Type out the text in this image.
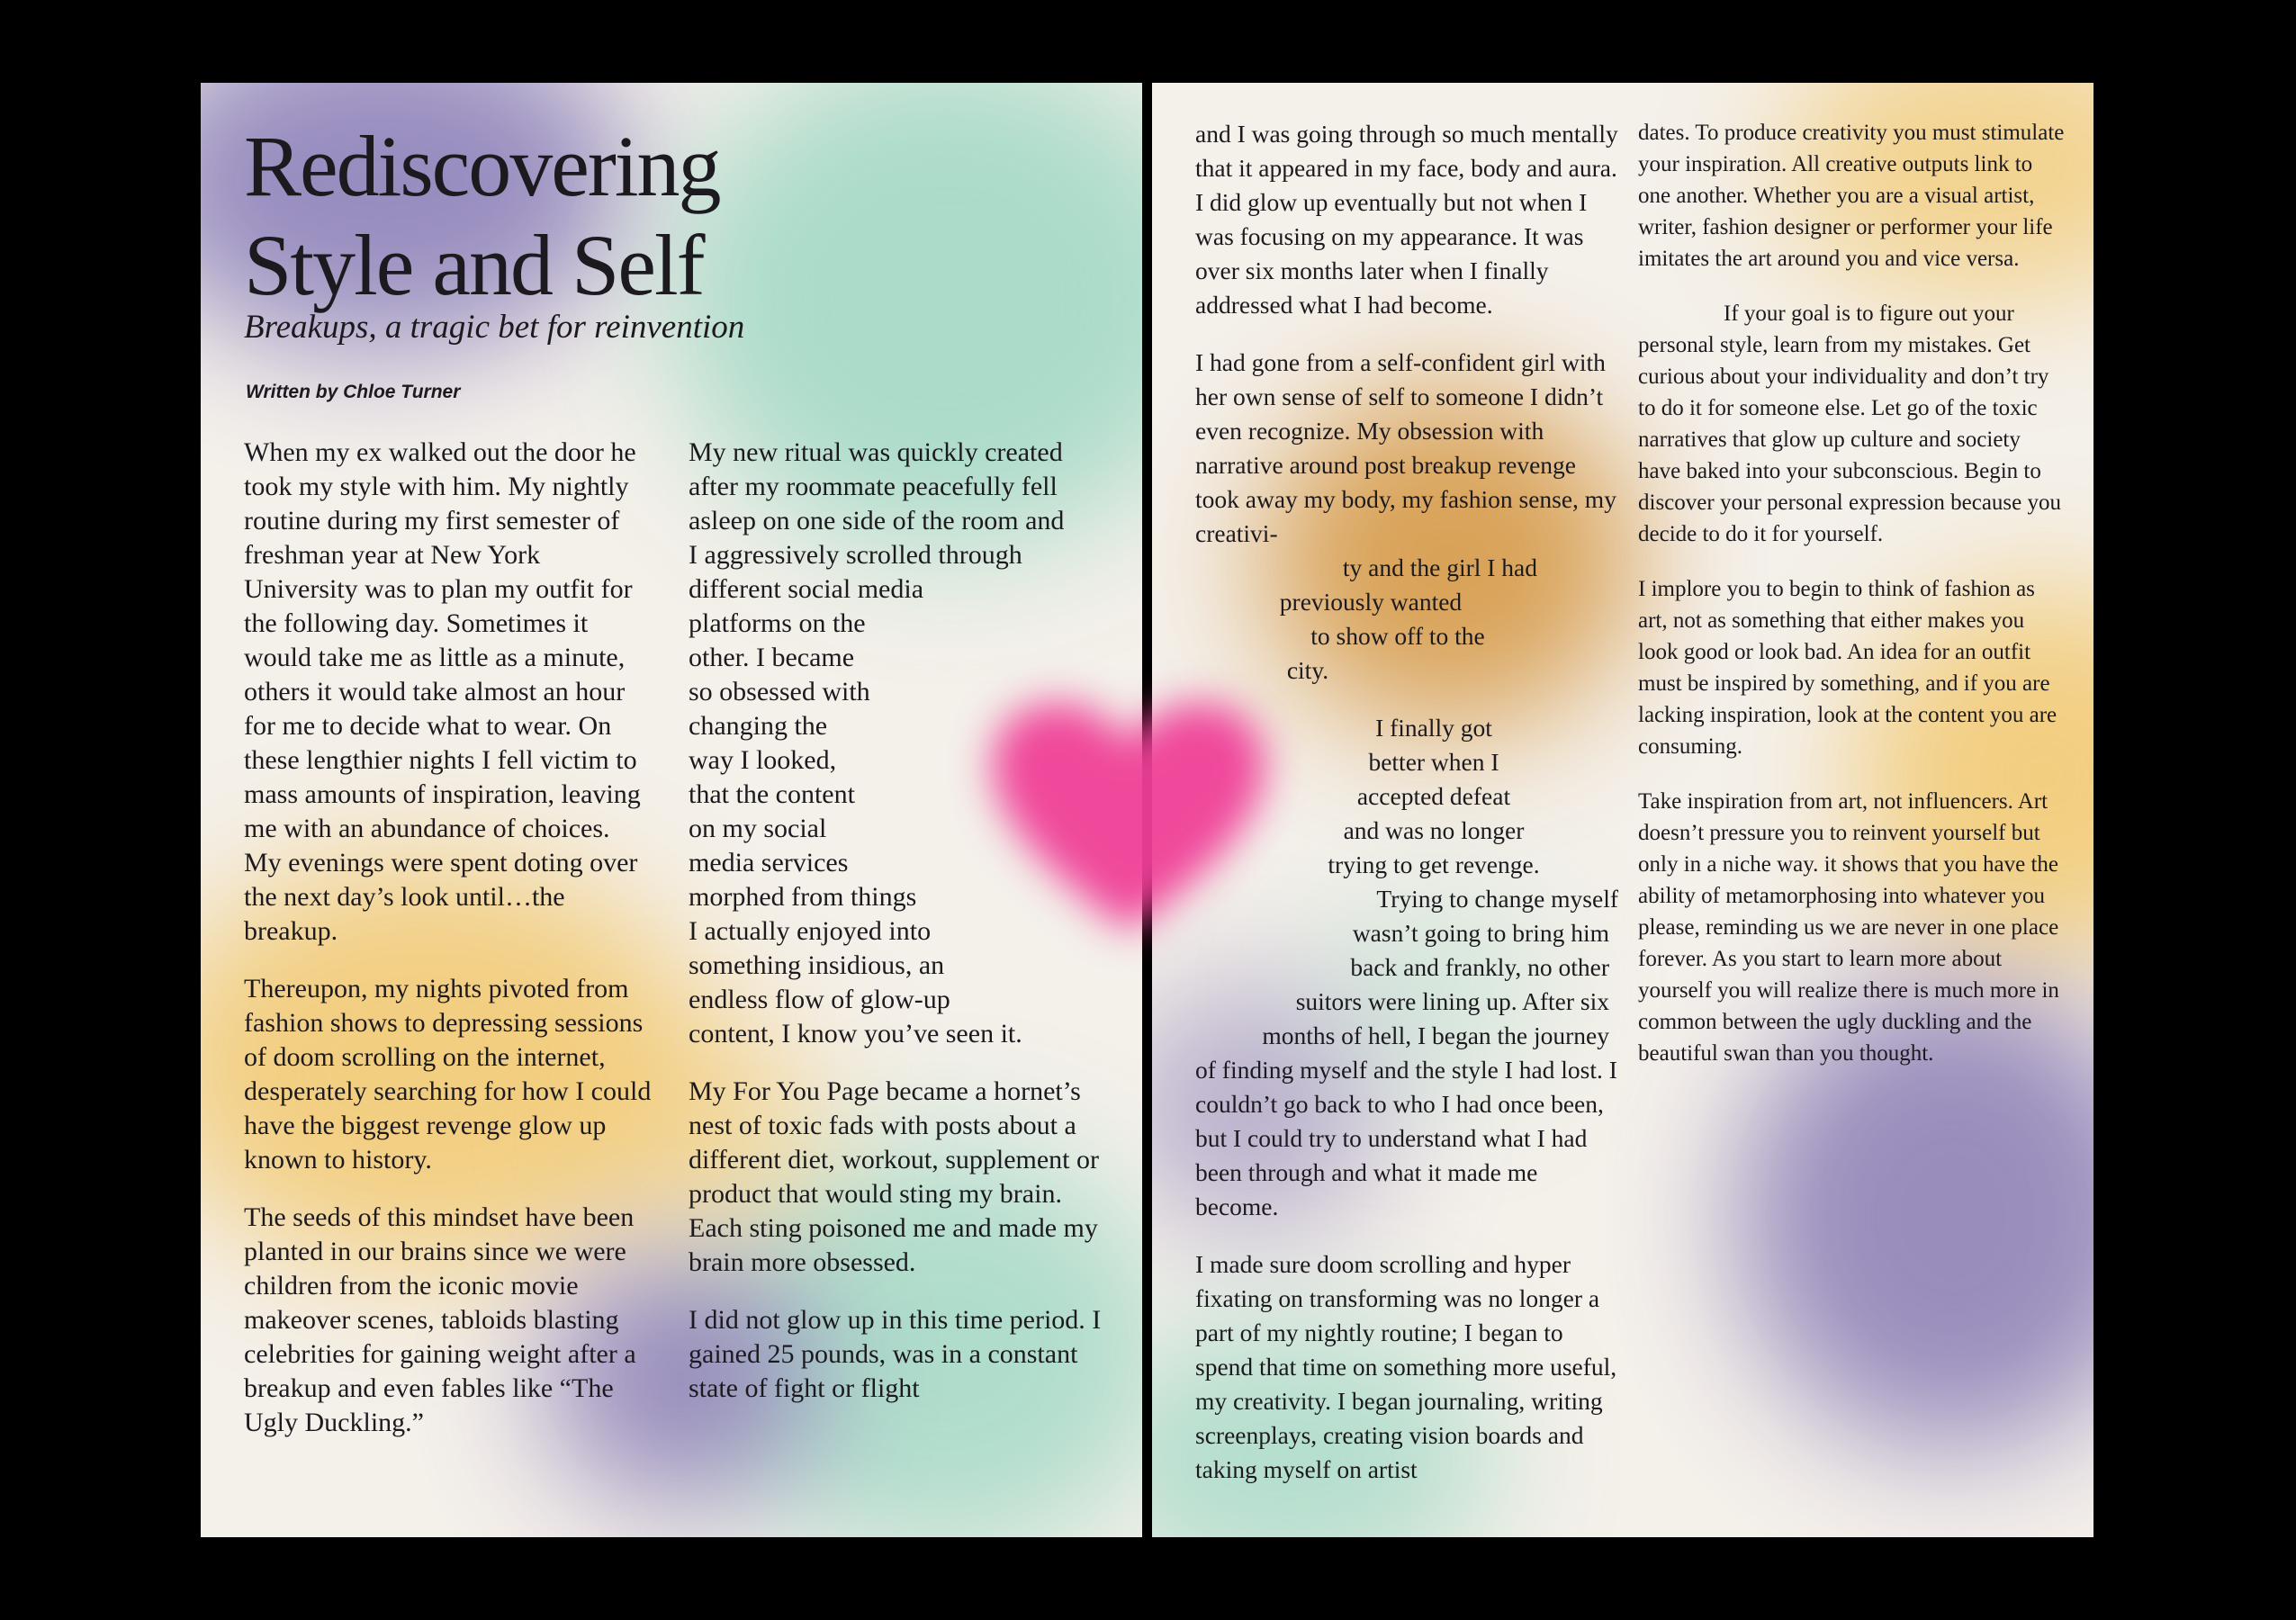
Rediscovering
Style and Self

Breakups, a tragic bet for reinvention

Written by Chloe Turner

When my ex walked out the door he took my style with him. My nightly routine during my first semester of freshman year at New York University was to plan my outfit for the following day. Sometimes it would take me as little as a minute, others it would take almost an hour for me to decide what to wear. On these lengthier nights I fell victim to mass amounts of inspiration, leaving me with an abundance of choices. My evenings were spent doting over the next day’s look until…the breakup.

Thereupon, my nights pivoted from fashion shows to depressing sessions of doom scrolling on the internet, desperately searching for how I could have the biggest revenge glow up known to history.

The seeds of this mindset have been planted in our brains since we were children from the iconic movie makeover scenes, tabloids blasting celebrities for gaining weight after a breakup and even fables like “The Ugly Duckling.”

My new ritual was quickly created
after my roommate peacefully fell
asleep on one side of the room and
I aggressively scrolled through
different social media
platforms on the
other. I became
so obsessed with
changing the
way I looked,
that the content
on my social
media services
morphed from things
I actually enjoyed into
something insidious, an
endless flow of glow-up
content, I know you’ve seen it.

My For You Page became a hornet’s nest of toxic fads with posts about a different diet, workout, supplement or product that would sting my brain. Each sting poisoned me and made my brain more obsessed.

I did not glow up in this time period. I gained 25 pounds, was in a constant state of fight or flight

and I was going through so much mentally that it appeared in my face, body and aura. I did glow up eventually but not when I was focusing on my appearance. It was over six months later when I finally addressed what I had become.

I had gone from a self-confident girl with her own sense of self to someone I didn’t even recognize. My obsession with narrative around post breakup revenge took away my body, my fashion sense, my creativi-
ty and the girl I had
previously wanted
to show off to the
city.

I finally got
better when I
accepted defeat
and was no longer
trying to get revenge.
Trying to change myself
wasn’t going to bring him
back and frankly, no other
suitors were lining up. After six
months of hell, I began the journey
of finding myself and the style I had lost. I couldn’t go back to who I had once been, but I could try to understand what I had been through and what it made me become.

I made sure doom scrolling and hyper fixating on transforming was no longer a part of my nightly routine; I began to spend that time on something more useful, my creativity. I began journaling, writing screenplays, creating vision boards and taking myself on artist

dates. To produce creativity you must stimulate your inspiration. All creative outputs link to one another. Whether you are a visual artist, writer, fashion designer or performer your life imitates the art around you and vice versa.

If your goal is to figure out your personal style, learn from my mistakes. Get curious about your individuality and don’t try to do it for someone else. Let go of the toxic narratives that glow up culture and society have baked into your subconscious. Begin to discover your personal expression because you decide to do it for yourself.

I implore you to begin to think of fashion as art, not as something that either makes you look good or look bad. An idea for an outfit must be inspired by something, and if you are lacking inspiration, look at the content you are consuming.

Take inspiration from art, not influencers. Art doesn’t pressure you to reinvent yourself but only in a niche way. it shows that you have the ability of metamorphosing into whatever you please, reminding us we are never in one place forever. As you start to learn more about yourself you will realize there is much more in common between the ugly duckling and the beautiful swan than you thought.
